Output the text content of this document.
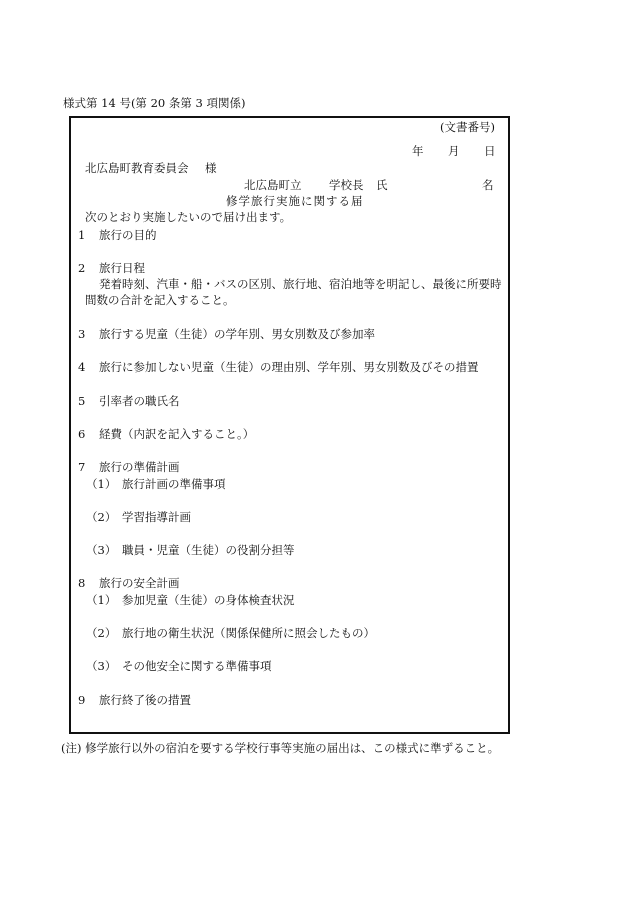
様式第 14 号(第 20 条第 3 項関係)
(文書番号)
年 月 日
北広島町教育委員会 様
北広島町立 学校長 氏	名
修学旅行実施に関する届
次のとおり実施したいので届け出ます。
1 旅行の目的
2 旅行日程
発着時刻、汽車・船・バスの区別、旅行地、宿泊地等を明記し、最後に所要時
間数の合計を記入すること。
3 旅行する児童（生徒）の学年別、男女別数及び参加率
4 旅行に参加しない児童（生徒）の理由別、学年別、男女別数及びその措置
5 引率者の職氏名
6 経費（内訳を記入すること。）
7 旅行の準備計画
（1） 旅行計画の準備事項
（2） 学習指導計画
（3） 職員・児童（生徒）の役割分担等
8 旅行の安全計画
（1） 参加児童（生徒）の身体検査状況
（2） 旅行地の衛生状況（関係保健所に照会したもの）
（3） その他安全に関する準備事項
9 旅行終了後の措置
(注) 修学旅行以外の宿泊を要する学校行事等実施の届出は、この様式に準ずること。
